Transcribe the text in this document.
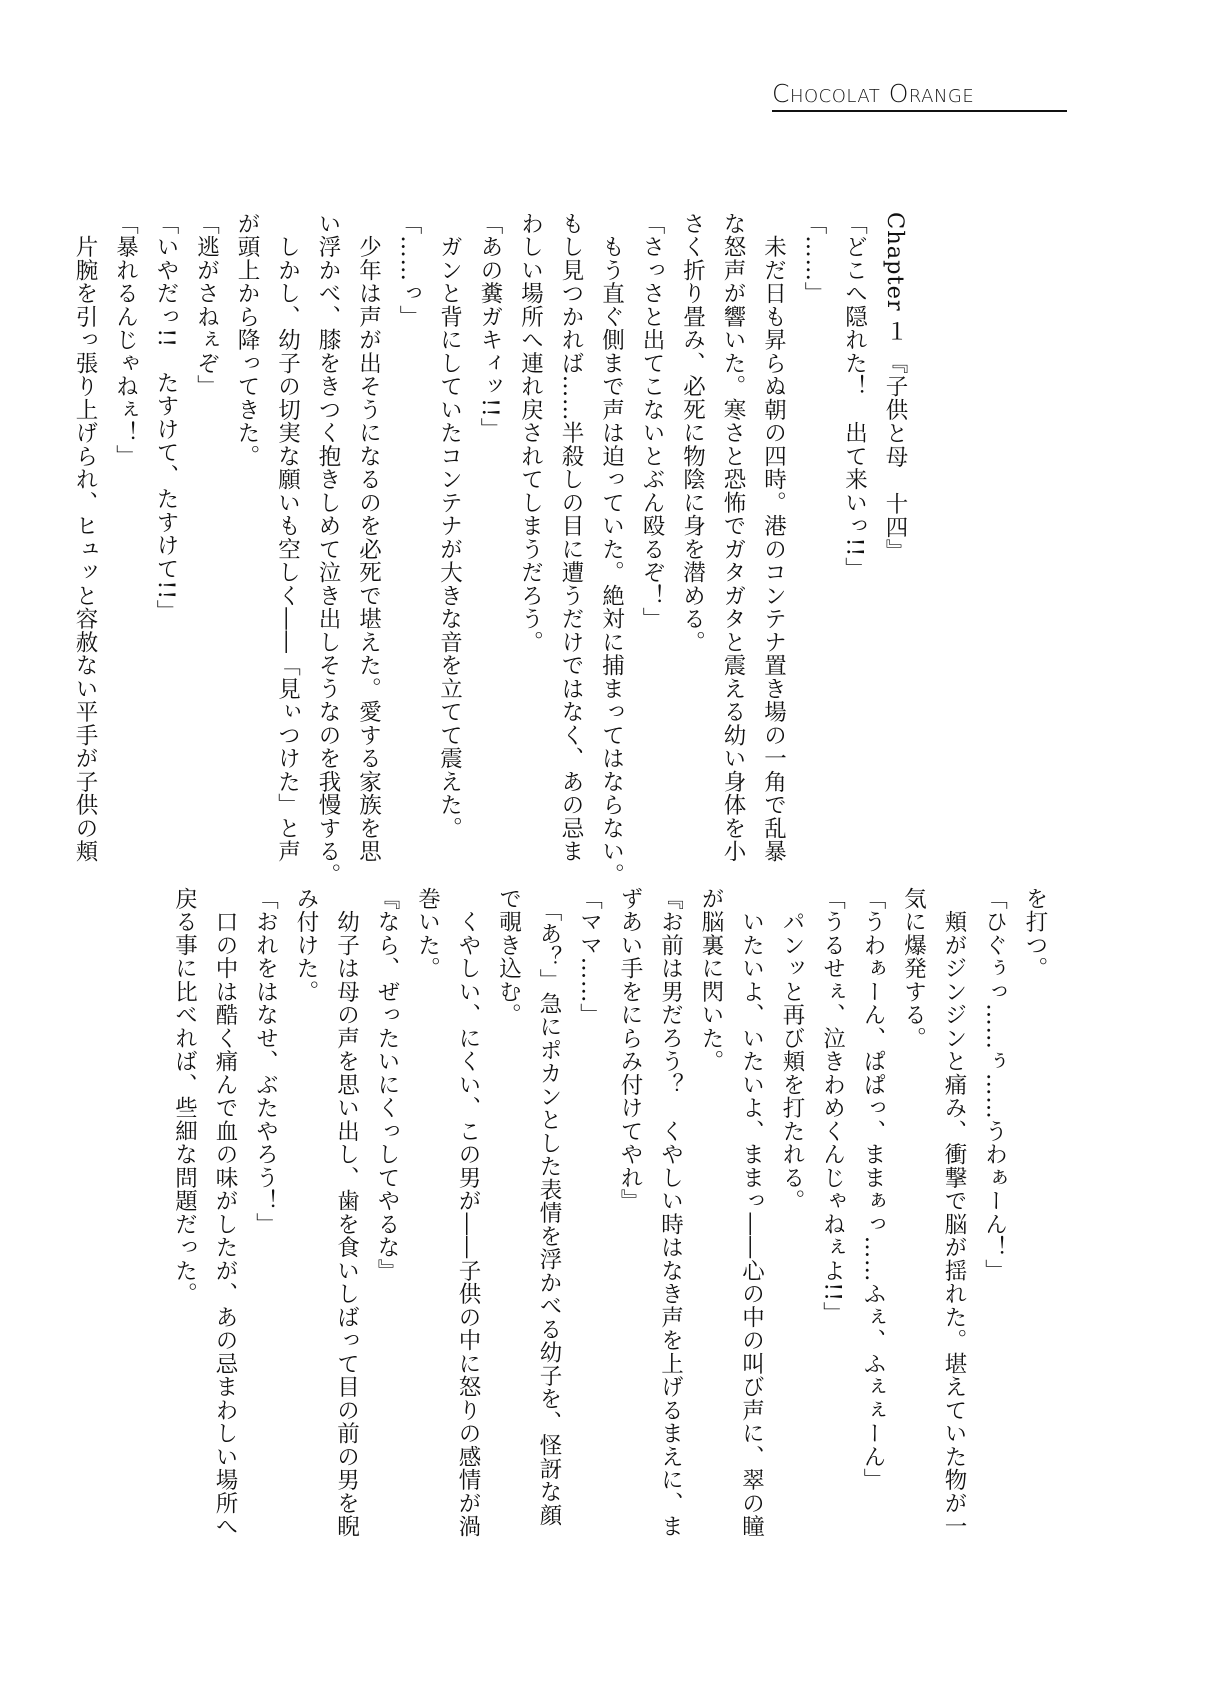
Chocolat Orange
Chapter １ 『子供と母　十四』
「どこへ隠れた！　出て来いっ!!」
「……」
　未だ日も昇らぬ朝の四時。港のコンテナ置き場の一角で乱暴
な怒声が響いた。寒さと恐怖でガタガタと震える幼い身体を小
さく折り畳み、必死に物陰に身を潜める。
「さっさと出てこないとぶん殴るぞ！」
　もう直ぐ側まで声は迫っていた。絶対に捕まってはならない。
もし見つかれば……半殺しの目に遭うだけではなく、あの忌ま
わしい場所へ連れ戻されてしまうだろう。
「あの糞ガキィッ!!」
　ガンと背にしていたコンテナが大きな音を立てて震えた。
「……っ」
　少年は声が出そうになるのを必死で堪えた。愛する家族を思
い浮かべ、膝をきつく抱きしめて泣き出しそうなのを我慢する。
　しかし、幼子の切実な願いも空しく――「見ぃつけた」と声
が頭上から降ってきた。
「逃がさねぇぞ」
「いやだっ!!　たすけて、たすけて!!」
「暴れるんじゃねぇ！」
　片腕を引っ張り上げられ、ヒュッと容赦ない平手が子供の頬
を打つ。
「ひぐぅっ……ぅ……うわぁーん！」
　頬がジンジンと痛み、衝撃で脳が揺れた。堪えていた物が一
気に爆発する。
「うわぁーん、ぱぱっ、ままぁっ……ふぇ、ふぇぇーん」
「うるせぇ、泣きわめくんじゃねぇよ!!」
　パンッと再び頬を打たれる。
　いたいよ、いたいよ、ままっ――心の中の叫び声に、翠の瞳
が脳裏に閃いた。
『お前は男だろう？　くやしい時はなき声を上げるまえに、ま
ずあい手をにらみ付けてやれ』
「ママ……」
　「あ？」急にポカンとした表情を浮かべる幼子を、怪訝な顔
で覗き込む。
　くやしい、にくい、この男が――子供の中に怒りの感情が渦
巻いた。
『なら、ぜったいにくっしてやるな』
　幼子は母の声を思い出し、歯を食いしばって目の前の男を睨
み付けた。
「おれをはなせ、ぶたやろう！」
　口の中は酷く痛んで血の味がしたが、あの忌まわしい場所へ
戻る事に比べれば、些細な問題だった。
